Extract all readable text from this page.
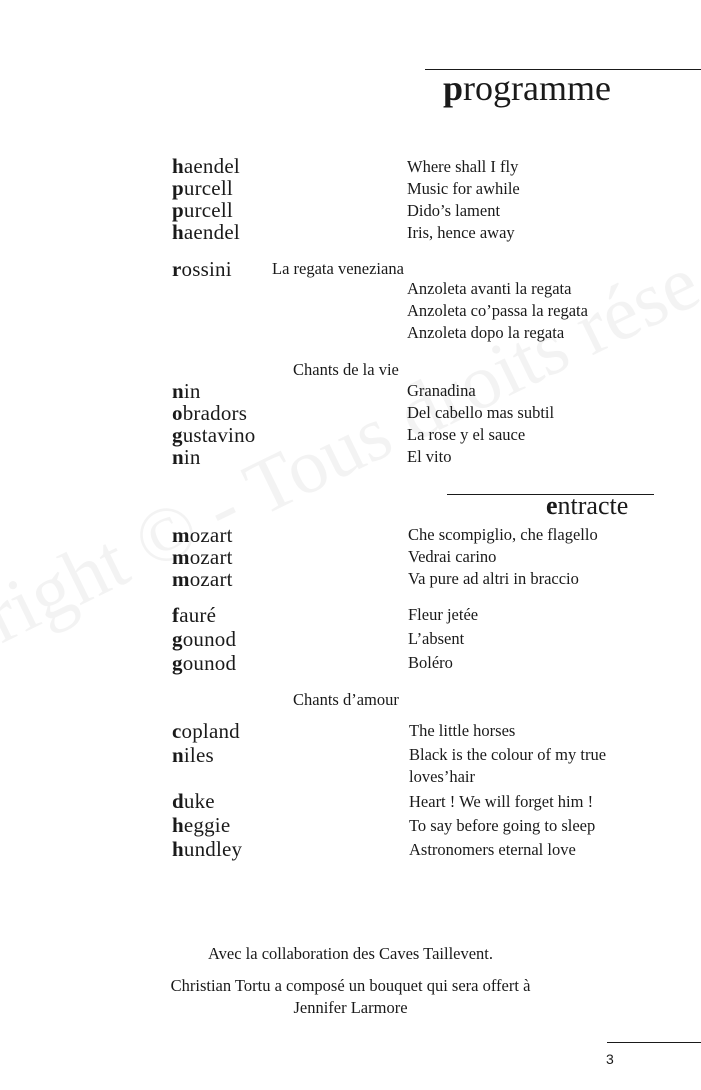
programme
haendel
purcell
purcell
haendel
Where shall I fly
Music for awhile
Dido’s lament
Iris, hence away
rossini La regata veneziana
Anzoleta avanti la regata
Anzoleta co’passa la regata
Anzoleta dopo la regata
Chants de la vie
nin
obradors
gustavino
nin
Granadina
Del cabello mas subtil
La rose y el sauce
El vito
entracte
mozart
mozart
mozart
Che scompiglio, che flagello
Vedrai carino
Va pure ad altri in braccio
fauré
gounod
gounod
Fleur jetée
L’absent
Boléro
Chants d’amour
copland
niles
duke
heggie
hundley
The little horses
Black is the colour of my true
loves’hair
Heart ! We will forget him !
To say before going to sleep
Astronomers eternal love
Avec la collaboration des Caves Taillevent.
Christian Tortu a composé un bouquet qui sera offert à
Jennifer Larmore
3
